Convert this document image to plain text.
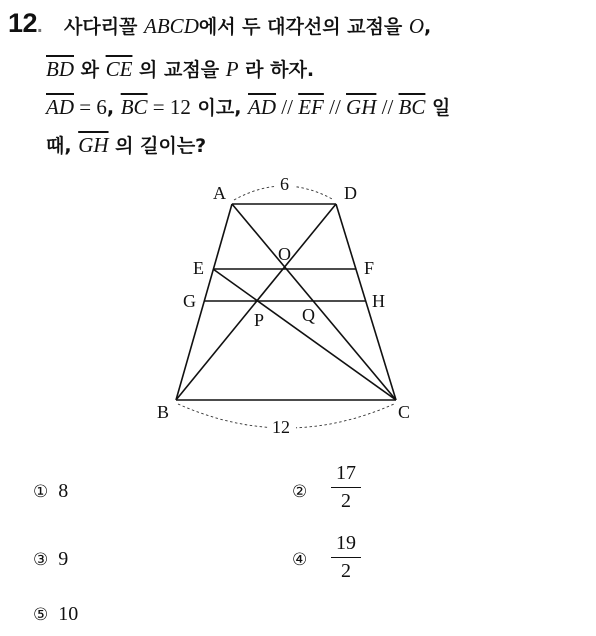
12. 사다리꼴 ABCD에서 두 대각선의 교점을 O,
$\overline{BD}$ 와 $\overline{CE}$ 의 교점을 P 라 하자.
$\overline{AD} = 6$, $\overline{BC} = 12$ 이고, $\overline{AD} // \overline{EF} // \overline{GH} // \overline{BC}$ 일
때, $\overline{GH}$ 의 길이는?
A	D
E	F
G	H
O
P Q
B	C
6
12
① 8	②	$\frac{17}{2}$
③ 9	④	$\frac{19}{2}$
⑤ 10
